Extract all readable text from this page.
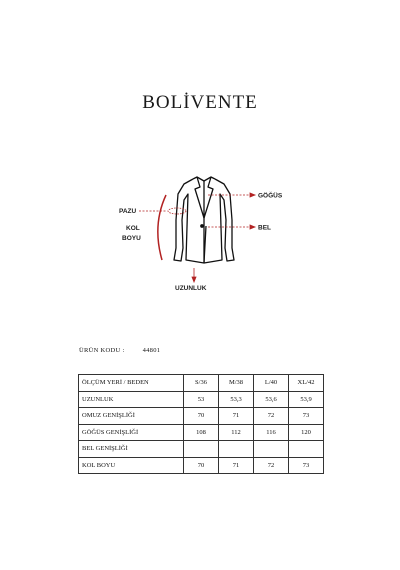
BOLİVENTE
GÖĞÜS
BEL
PAZU
KOL
BOYU
UZUNLUK
ÜRÜN KODU :	44801
ÖLÇÜM YERİ / BEDEN	S/36	M/38	L/40	XL/42
UZUNLUK	53	53,3	53,6	53,9
OMUZ GENİŞLİĞİ	70	71	72	73
GÖĞÜS GENİŞLİĞİ	108	112	116	120
BEL GENİŞLİĞİ				
KOL BOYU	70	71	72	73
